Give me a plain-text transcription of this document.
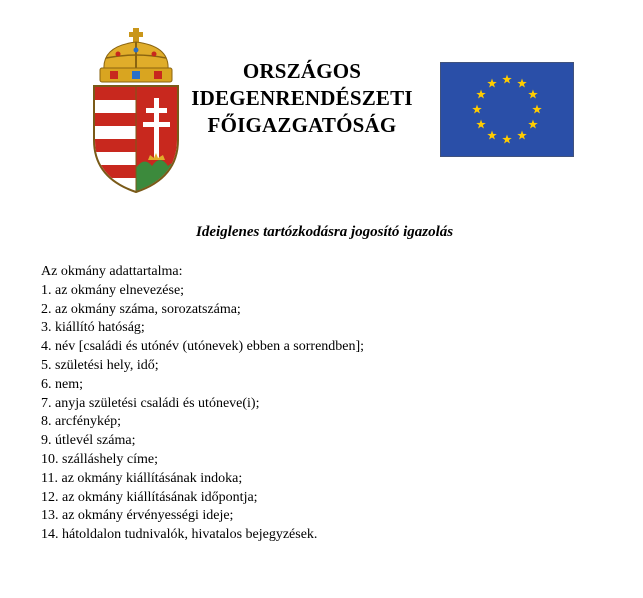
ORSZÁGOS
IDEGENRENDÉSZETI
FŐIGAZGATÓSÁG
Ideiglenes tartózkodásra jogosító igazolás
Az okmány adattartalma:
1. az okmány elnevezése;
2. az okmány száma, sorozatszáma;
3. kiállító hatóság;
4. név [családi és utónév (utónevek) ebben a sorrendben];
5. születési hely, idő;
6. nem;
7. anyja születési családi és utóneve(i);
8. arcfénykép;
9. útlevél száma;
10. szálláshely címe;
11. az okmány kiállításának indoka;
12. az okmány kiállításának időpontja;
13. az okmány érvényességi ideje;
14. hátoldalon tudnivalók, hivatalos bejegyzések.
